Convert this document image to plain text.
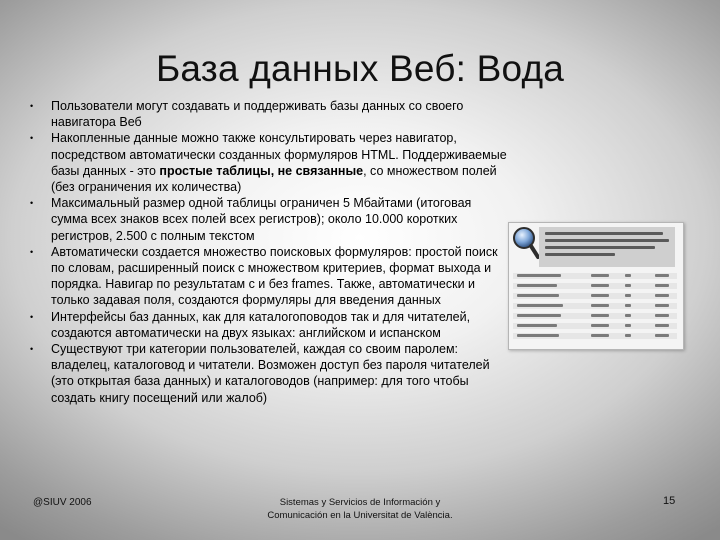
База данных Веб: Вода
• Пользователи могут создавать и поддерживать базы данных со своего навигатора Веб
• Накопленные данные можно также консультировать через навигатор, посредством автоматически созданных формуляров HTML. Поддерживаемые базы данных - это простые таблицы, не связанные, со множеством полей (без ограничения их количества)
• Максимальный размер одной таблицы ограничен 5 Мбайтами (итоговая сумма всех знаков всех полей всех регистров); около 10.000 коротких регистров, 2.500 с полным текстом
• Автоматически создается множество поисковых формуляров: простой поиск по словам, расширенный поиск с множеством критериев, формат выхода и порядка. Навигар по результатам с и без frames. Также, автоматически и только задавая поля, создаются формуляры для введения данных
• Интерфейсы баз данных, как для каталогоповодов так и для читателей, создаются автоматически на двух языках: английском и испанском
• Существуют три категории пользователей, каждая со своим паролем: владелец, каталоговод и читатели. Возможен доступ без пароля читателей (это открытая база данных) и каталоговодов (например: для того чтобы создать книгу посещений или жалоб)
@SIUV 2006	Sistemas y Servicios de Información y
Comunicación en la Universitat de València.
15
